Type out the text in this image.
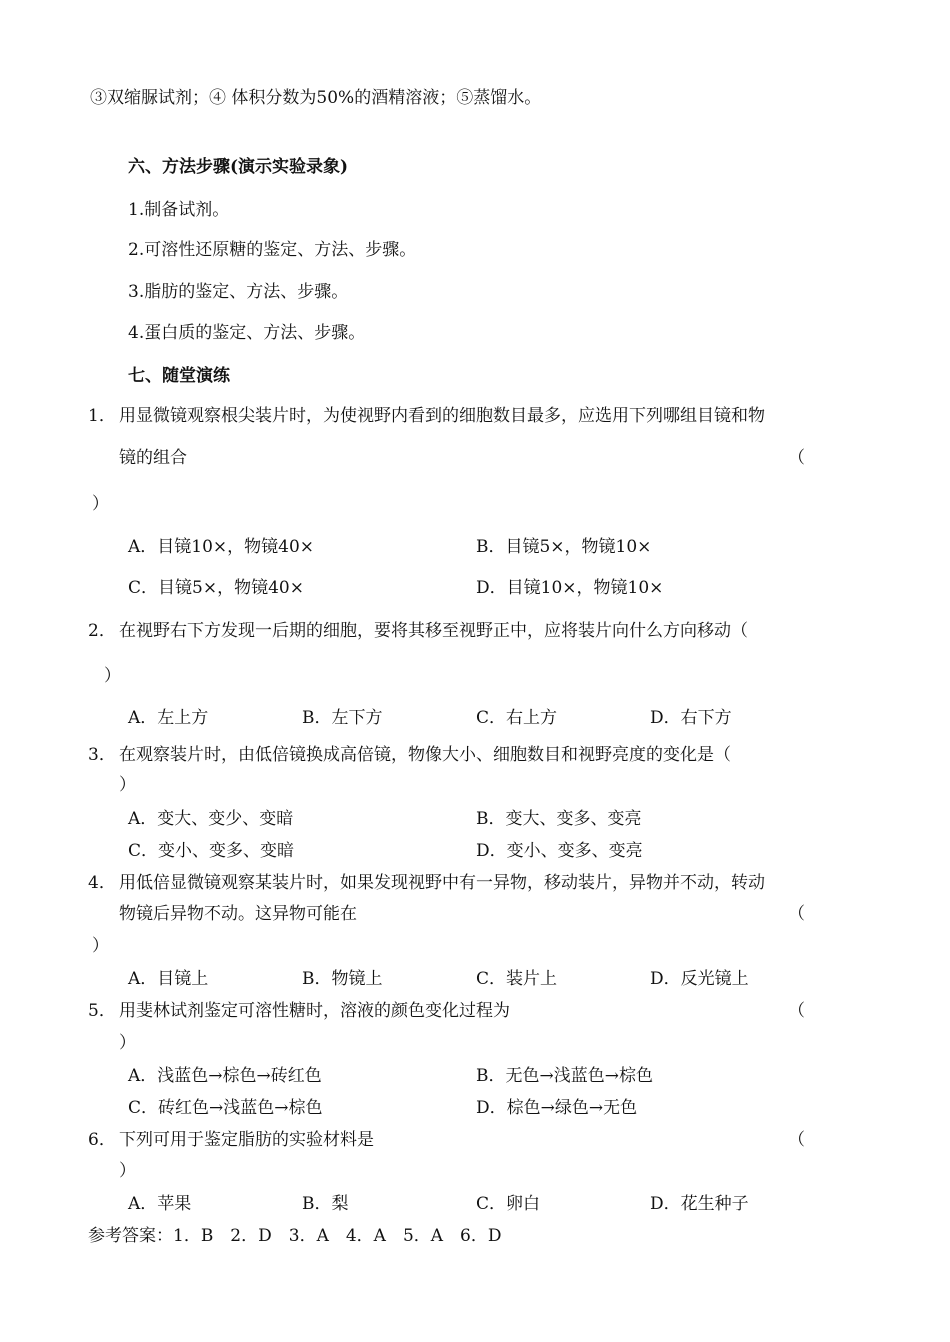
③双缩脲试剂；④ 体积分数为50%的酒精溶液；⑤蒸馏水。
六、方法步骤(演示实验录象)
1.制备试剂。
2.可溶性还原糖的鉴定、方法、步骤。
3.脂肪的鉴定、方法、步骤。
4.蛋白质的鉴定、方法、步骤。
七、随堂演练
1． 用显微镜观察根尖装片时，为使视野内看到的细胞数目最多，应选用下列哪组目镜和物
镜的组合	（
）
A．目镜10×，物镜40×	B．目镜5×，物镜10×
C．目镜5×，物镜40×	D．目镜10×，物镜10×
2． 在视野右下方发现一后期的细胞，要将其移至视野正中，应将装片向什么方向移动（
）
A．左上方	B．左下方	C．右上方	D．右下方
3． 在观察装片时，由低倍镜换成高倍镜，物像大小、细胞数目和视野亮度的变化是（
）
A．变大、变少、变暗	B．变大、变多、变亮
C．变小、变多、变暗	D．变小、变多、变亮
4． 用低倍显微镜观察某装片时，如果发现视野中有一异物，移动装片，异物并不动，转动
物镜后异物不动。这异物可能在	（
）
A．目镜上	B．物镜上	C．装片上	D．反光镜上
5． 用斐林试剂鉴定可溶性糖时，溶液的颜色变化过程为	（
）
A．浅蓝色→棕色→砖红色	B．无色→浅蓝色→棕色
C．砖红色→浅蓝色→棕色	D．棕色→绿色→无色
6． 下列可用于鉴定脂肪的实验材料是	（
）
A．苹果	B．梨	C．卵白	D．花生种子
参考答案：1．B　2．D　3．A　4．A　5．A　6．D
